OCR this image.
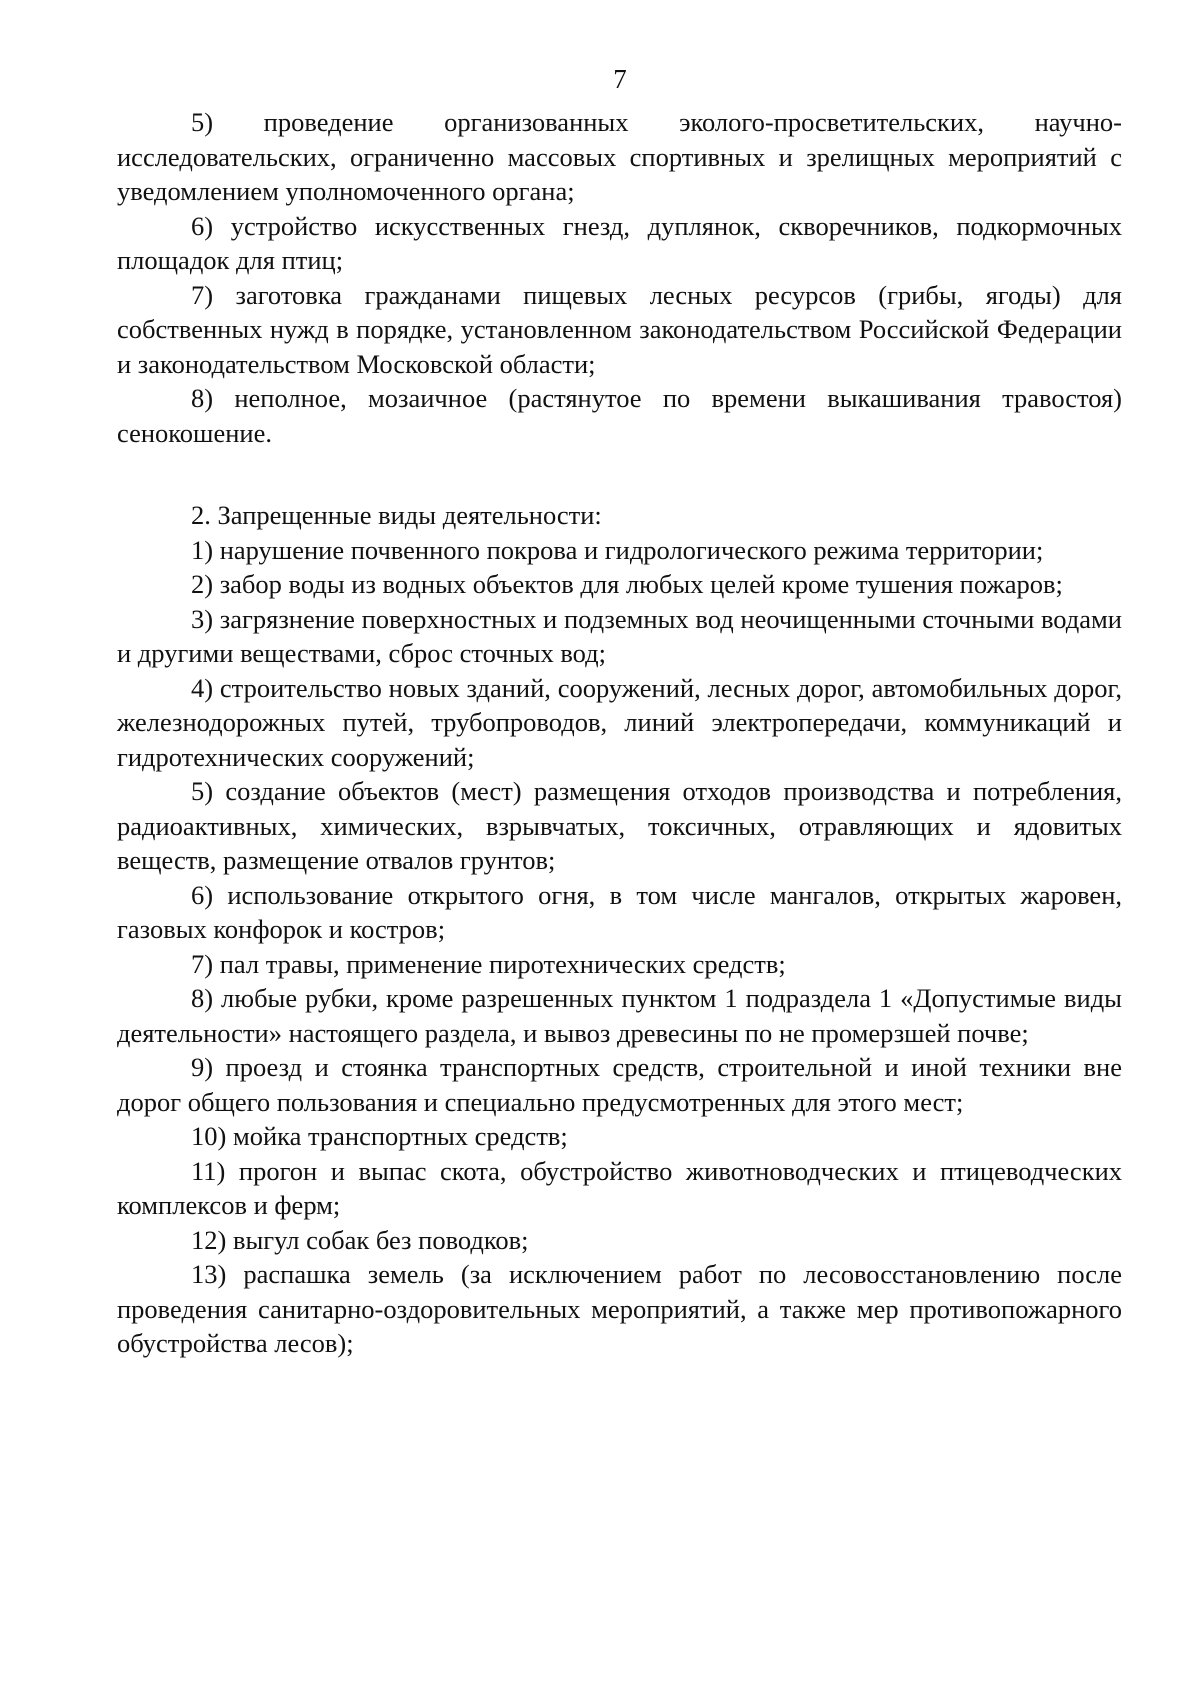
7

5) проведение организованных эколого-просветительских, научно-исследовательских, ограниченно массовых спортивных и зрелищных мероприятий с уведомлением уполномоченного органа;

6) устройство искусственных гнезд, дуплянок, скворечников, подкормочных площадок для птиц;

7) заготовка гражданами пищевых лесных ресурсов (грибы, ягоды) для собственных нужд в порядке, установленном законодательством Российской Федерации и законодательством Московской области;

8) неполное, мозаичное (растянутое по времени выкашивания травостоя) сенокошение.

2. Запрещенные виды деятельности:

1) нарушение почвенного покрова и гидрологического режима территории;

2) забор воды из водных объектов для любых целей кроме тушения пожаров;

3) загрязнение поверхностных и подземных вод неочищенными сточными водами и другими веществами, сброс сточных вод;

4) строительство новых зданий, сооружений, лесных дорог, автомобильных дорог, железнодорожных путей, трубопроводов, линий электропередачи, коммуникаций и гидротехнических сооружений;

5) создание объектов (мест) размещения отходов производства и потребления, радиоактивных, химических, взрывчатых, токсичных, отравляющих и ядовитых веществ, размещение отвалов грунтов;

6) использование открытого огня, в том числе мангалов, открытых жаровен, газовых конфорок и костров;

7) пал травы, применение пиротехнических средств;

8) любые рубки, кроме разрешенных пунктом 1 подраздела 1 «Допустимые виды деятельности» настоящего раздела, и вывоз древесины по не промерзшей почве;

9) проезд и стоянка транспортных средств, строительной и иной техники вне дорог общего пользования и специально предусмотренных для этого мест;

10) мойка транспортных средств;

11) прогон и выпас скота, обустройство животноводческих и птицеводческих комплексов и ферм;

12) выгул собак без поводков;

13) распашка земель (за исключением работ по лесовосстановлению после проведения санитарно-оздоровительных мероприятий, а также мер противопожарного обустройства лесов);
